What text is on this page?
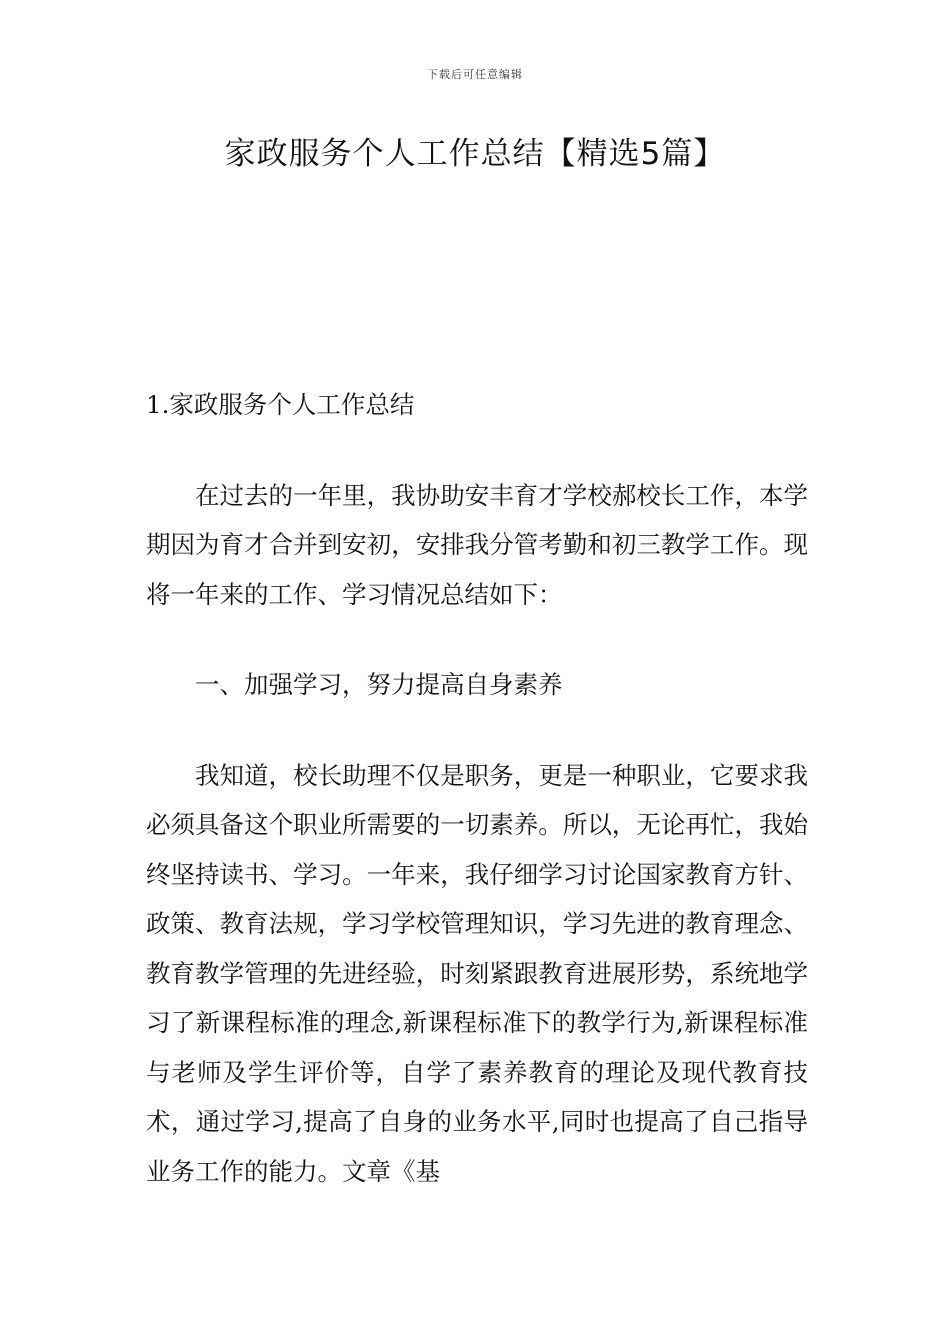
下载后可任意编辑
家政服务个人工作总结【精选5篇】

1.家政服务个人工作总结

在过去的一年里，我协助安丰育才学校郝校长工作，本学期因为育才合并到安初，安排我分管考勤和初三教学工作。现将一年来的工作、学习情况总结如下：

一、加强学习，努力提高自身素养

我知道，校长助理不仅是职务，更是一种职业，它要求我必须具备这个职业所需要的一切素养。所以，无论再忙，我始终坚持读书、学习。一年来，我仔细学习讨论国家教育方针、政策、教育法规，学习学校管理知识，学习先进的教育理念、教育教学管理的先进经验，时刻紧跟教育进展形势，系统地学习了新课程标准的理念,新课程标准下的教学行为,新课程标准与老师及学生评价等，自学了素养教育的理论及现代教育技术，通过学习,提高了自身的业务水平,同时也提高了自己指导业务工作的能力。文章《基
